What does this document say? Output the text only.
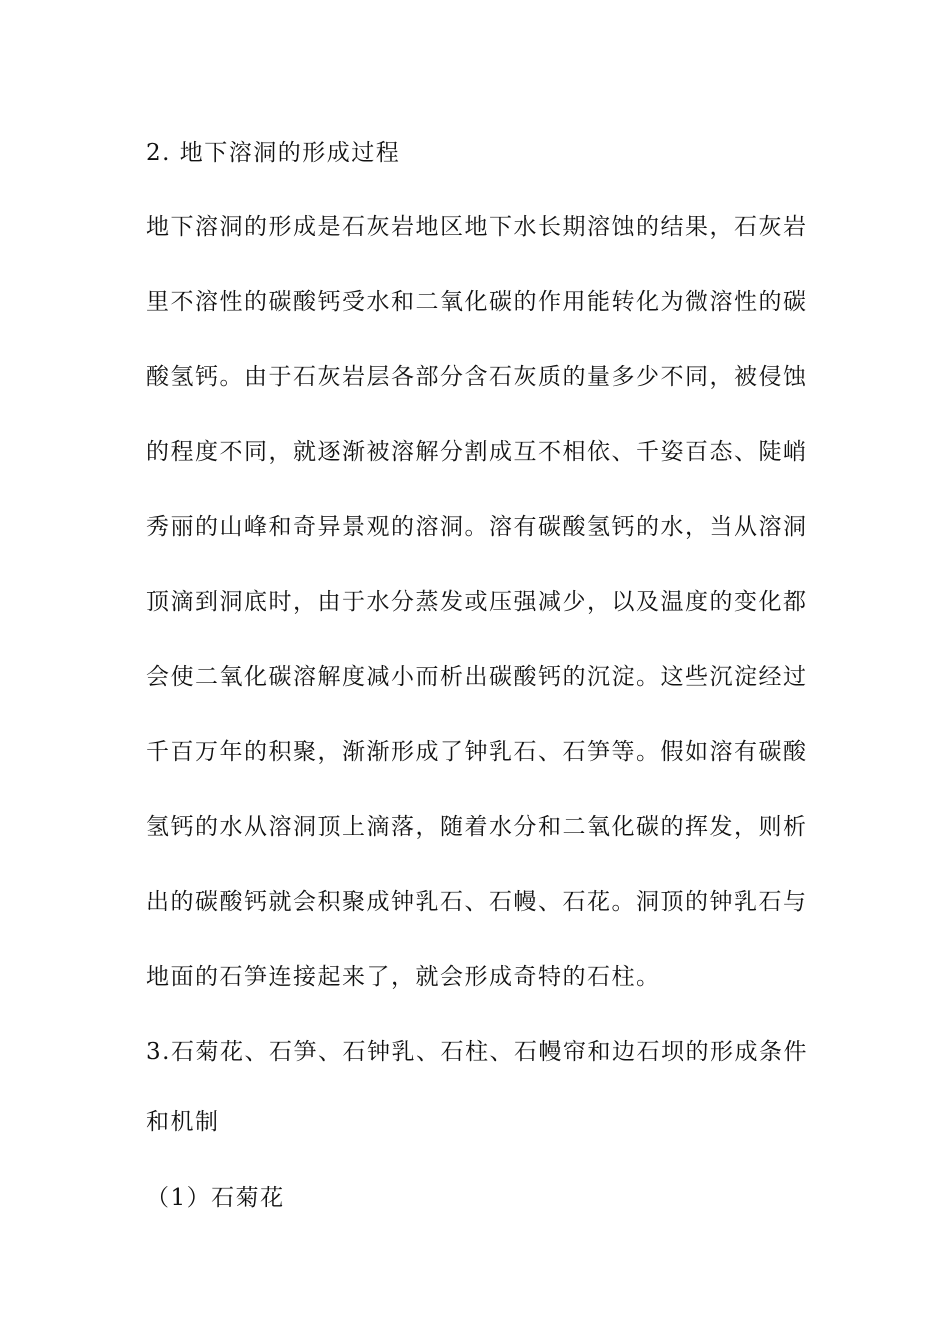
2. 地下溶洞的形成过程
地下溶洞的形成是石灰岩地区地下水长期溶蚀的结果，石灰岩
里不溶性的碳酸钙受水和二氧化碳的作用能转化为微溶性的碳
酸氢钙。由于石灰岩层各部分含石灰质的量多少不同，被侵蚀
的程度不同，就逐渐被溶解分割成互不相依、千姿百态、陡峭
秀丽的山峰和奇异景观的溶洞。溶有碳酸氢钙的水，当从溶洞
顶滴到洞底时，由于水分蒸发或压强减少，以及温度的变化都
会使二氧化碳溶解度减小而析出碳酸钙的沉淀。这些沉淀经过
千百万年的积聚，渐渐形成了钟乳石、石笋等。假如溶有碳酸
氢钙的水从溶洞顶上滴落，随着水分和二氧化碳的挥发，则析
出的碳酸钙就会积聚成钟乳石、石幔、石花。洞顶的钟乳石与
地面的石笋连接起来了，就会形成奇特的石柱。
3.石菊花、石笋、石钟乳、石柱、石幔帘和边石坝的形成条件
和机制
（1）石菊花
